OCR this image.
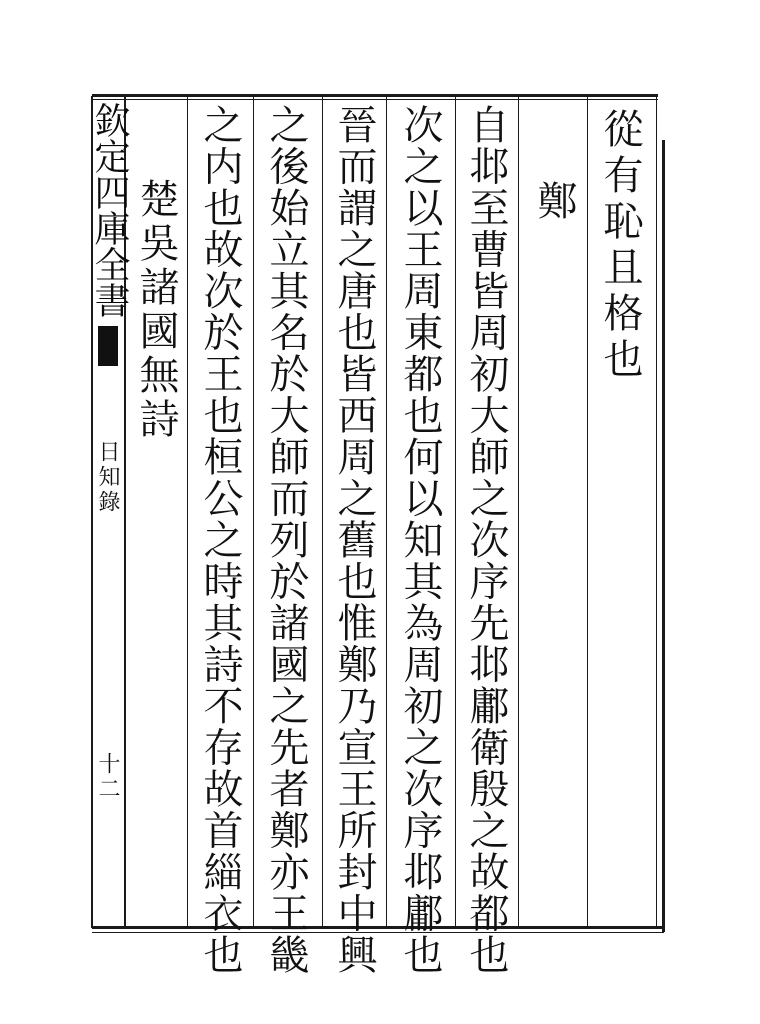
欽定四庫全書
日知錄
十二
從有恥且格也
鄭
自邶至曹皆周初大師之次序先邶鄘衛殷之故都也
次之以王周東都也何以知其為周初之次序邶鄘也
晉而謂之唐也皆西周之舊也惟鄭乃宣王所封中興
之後始立其名於大師而列於諸國之先者鄭亦王畿
之内也故次於王也桓公之時其詩不存故首緇衣也
楚吳諸國無詩
